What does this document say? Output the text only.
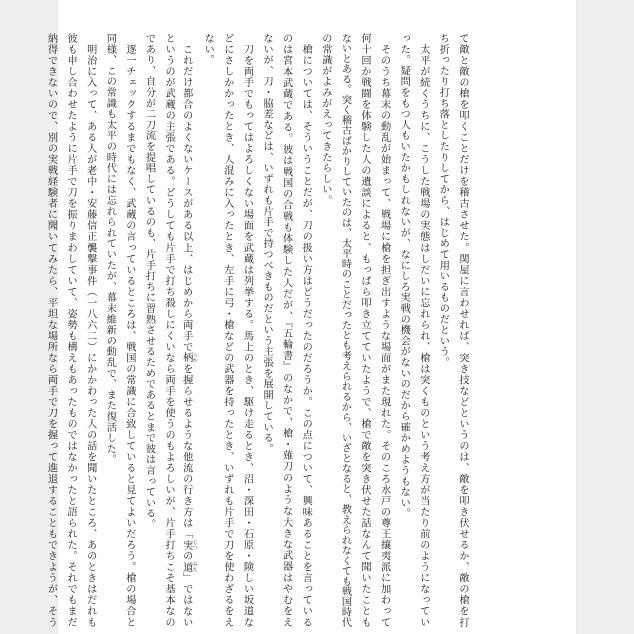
て敵と敵の槍を叩くことだけを稽古させた。関屋に言わせれば、突き技などというのは、敵を叩き伏せるか、敵の槍を打
ち折ったり打ち落としたりしてから、はじめて用いるものだという。
　太平が続くうちに、こうした戦場の実態はしだいに忘れられ、槍は突くものという考え方が当たり前のようになってい
った。疑問をもつ人もいたかもしれないが、なにしろ実戦の機会がないのだから確かめようもない。
　そのうち幕末の動乱が始まって、戦場に槍を担ぎ出すような場面がまた現れた。そのころ水戸の尊王攘夷派に加わって
何十回か戦闘を体験した人の遺談によると、もっぱら叩き立てていたようで、槍で敵を突き伏せた話なんて聞いたことも
ないとある。突く稽古ばかりしていたのは、太平時のことだったとも考えられるから、いざとなると、教えられなくても戦国時代
の常識がよみがえってきたらしい。
　槍については、そういうことだが、刀の扱い方はどうだったのだろうか。この点について、興味あることを言っている
のは宮本武蔵である。彼は戦国の合戦も体験した人だが、『五輪書』のなかで、槍・薙刀のような大きな武器はやむをえ
ないが、刀・脇差などは、いずれも片手で持つべきものだという主張を展開している。
　刀を両手でもってはよろしくない場面を武蔵は列挙する。馬上のとき、駆け走るとき、沼・深田・石原・険しい坂道な
どにさしかかったとき、人混みに入ったとき、左手に弓・槍などの武器を持ったとき、いずれも片手で刀を使わざるをえ
ない。
　これだけ都合のよくないケースがある以上、はじめから両手で柄 つかを握らせるような他流の行き方は「実 じつの道 みち」ではない
というのが武蔵の主張である。どうしても片手で打ち殺しにくいなら両手を使うのもよろしいが、片手打ちこそ基本なの
であり、自分が二刀流を提唱しているのも、片手打ちに習熟させるためであるとまで彼は言っている。
　逐一チェックするまでもなく、武蔵の言っているところは、戦国の常識に合致していると見てよいだろう。槍の場合と
同様、この常識も太平の時代には忘れられていたが、幕末維新の動乱で、また復活した。
　明治に入って、ある人が老中・安藤信正襲撃事件（一八六二）にかかわった人の話を聞いたところ、あのときはだれも
彼も申し合わせたように片手で刀を振りまわしていて、姿勢も構えもあったものではなかったと語られた。それでもまだ
納得できないので、別の実戦経験者に聞いてみたら、平坦な場所なら両手で刀を握って進退することもできようが、そう
